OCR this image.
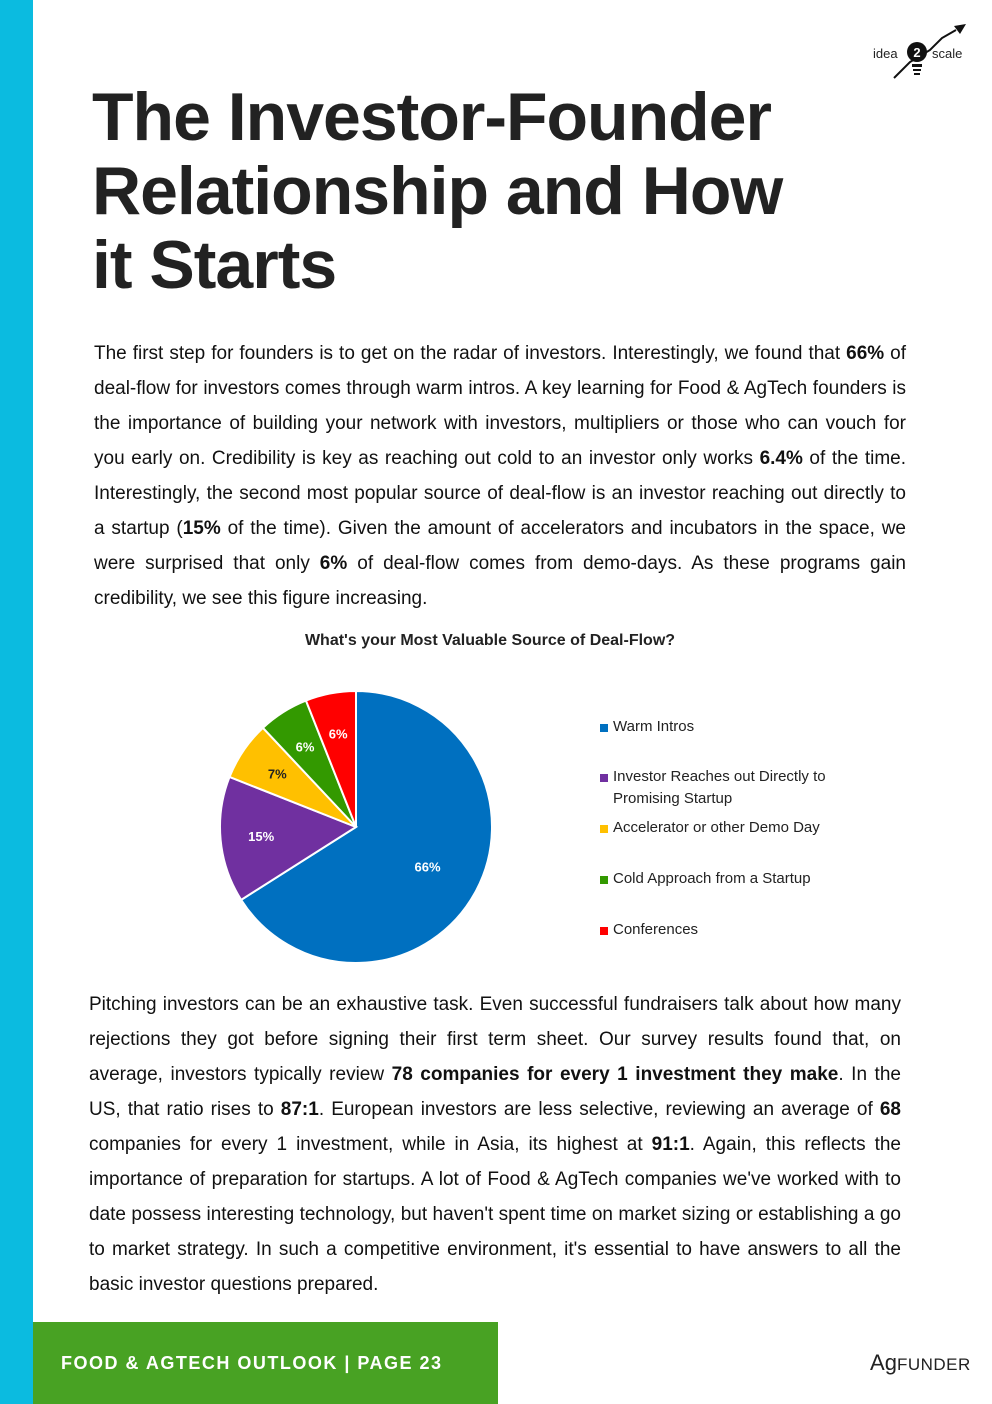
2
idea	scale
The Investor-Founder
Relationship and How
it Starts

The first step for founders is to get on the radar of investors. Interestingly, we found that 66% of deal-flow for investors comes through warm intros. A key learning for Food & AgTech founders is the importance of building your network with investors, multipliers or those who can vouch for you early on. Credibility is key as reaching out cold to an investor only works 6.4% of the time. Interestingly, the second most popular source of deal-flow is an investor reaching out directly to a startup (15% of the time). Given the amount of accelerators and incubators in the space, we were surprised that only 6% of deal-flow comes from demo-days. As these programs gain credibility, we see this figure increasing.

What's your Most Valuable Source of Deal-Flow?
66%
15%
7%
6%
6%	Warm Intros
Investor Reaches out Directly to
Promising Startup
Accelerator or other Demo Day
Cold Approach from a Startup
Conferences

Pitching investors can be an exhaustive task. Even successful fundraisers talk about how many rejections they got before signing their first term sheet. Our survey results found that, on average, investors typically review 78 companies for every 1 investment they make. In the US, that ratio rises to 87:1. European investors are less selective, reviewing an average of 68 companies for every 1 investment, while in Asia, its highest at 91:1. Again, this reflects the importance of preparation for startups. A lot of Food & AgTech companies we've worked with to date possess interesting technology, but haven't spent time on market sizing or establishing a go to market strategy. In such a competitive environment, it's essential to have answers to all the basic investor questions prepared.

FOOD & AGTECH OUTLOOK | PAGE 23	AgFUNDER
